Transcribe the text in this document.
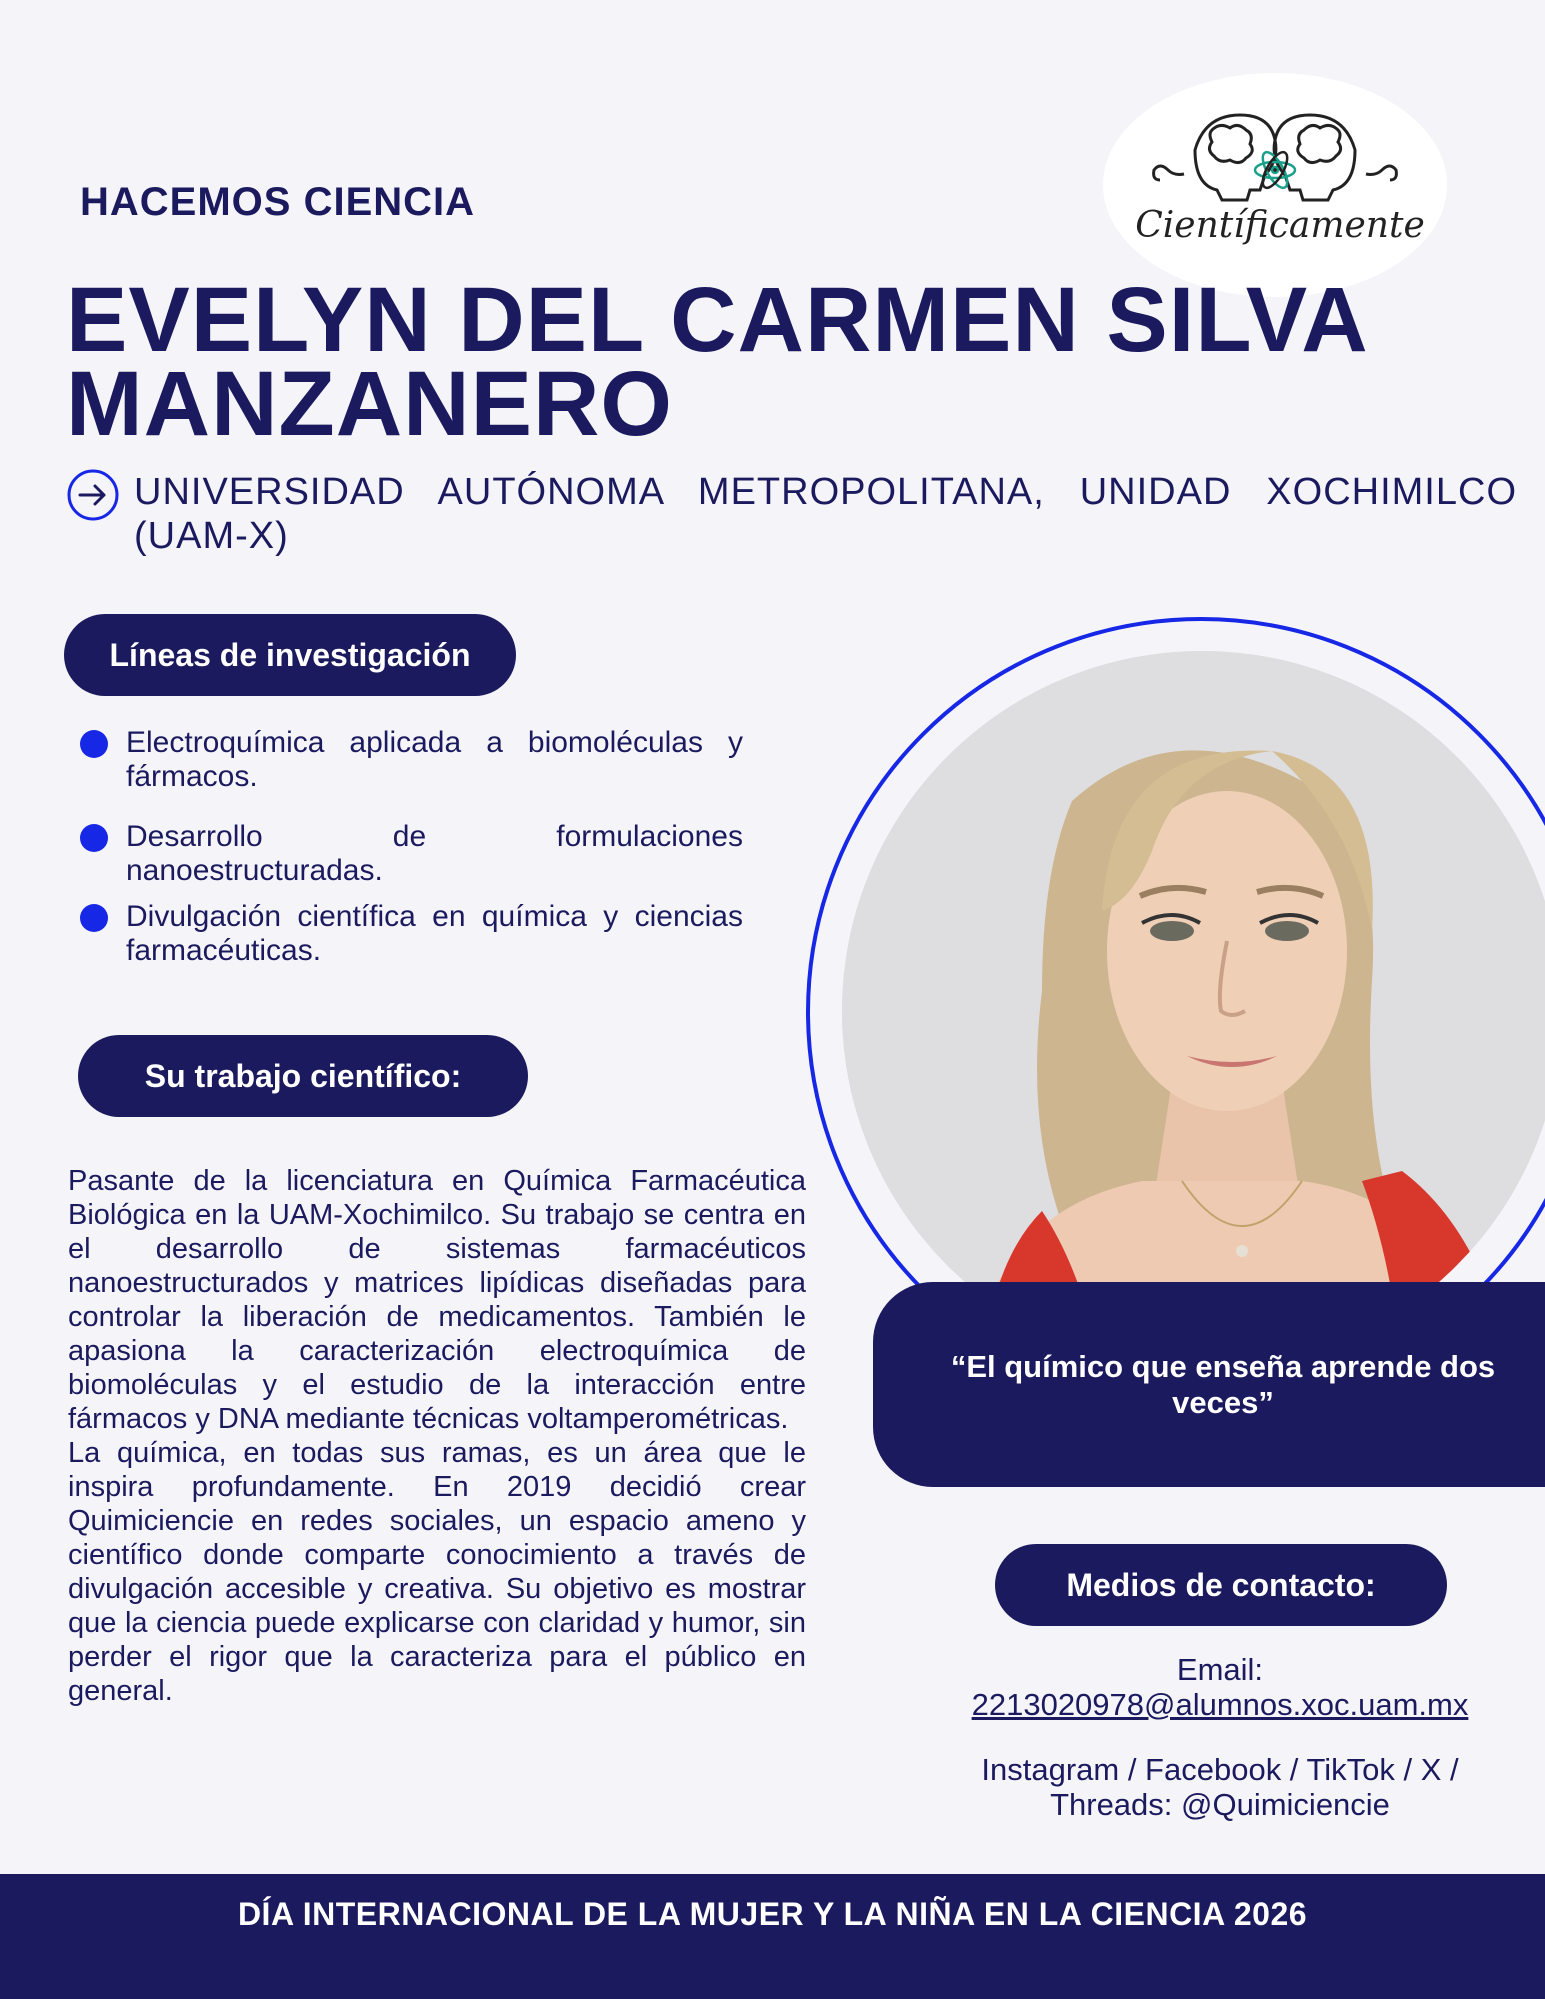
Científicamente
HACEMOS CIENCIA
EVELYN DEL CARMEN SILVA MANZANERO
UNIVERSIDAD AUTÓNOMA METROPOLITANA, UNIDAD XOCHIMILCO (UAM-X)
Líneas de investigación
Electroquímica aplicada a biomoléculas y fármacos.
Desarrollo de formulaciones nanoestructuradas.
Divulgación científica en química y ciencias farmacéuticas.
Su trabajo científico:

Pasante de la licenciatura en Química Farmacéutica Biológica en la UAM-Xochimilco. Su trabajo se centra en el desarrollo de sistemas farmacéuticos nanoestructurados y matrices lipídicas diseñadas para controlar la liberación de medicamentos. También le apasiona la caracterización electroquímica de biomoléculas y el estudio de la interacción entre fármacos y DNA mediante técnicas voltamperométricas.

La química, en todas sus ramas, es un área que le inspira profundamente. En 2019 decidió crear Quimiciencie en redes sociales, un espacio ameno y científico donde comparte conocimiento a través de divulgación accesible y creativa. Su objetivo es mostrar que la ciencia puede explicarse con claridad y humor, sin perder el rigor que la caracteriza para el público en general.

“El químico que enseña aprende dos veces”
Medios de contacto:
Email:
2213020978@alumnos.xoc.uam.mx
Instagram / Facebook / TikTok / X /
Threads: @Quimiciencie
DÍA INTERNACIONAL DE LA MUJER Y LA NIÑA EN LA CIENCIA 2026
